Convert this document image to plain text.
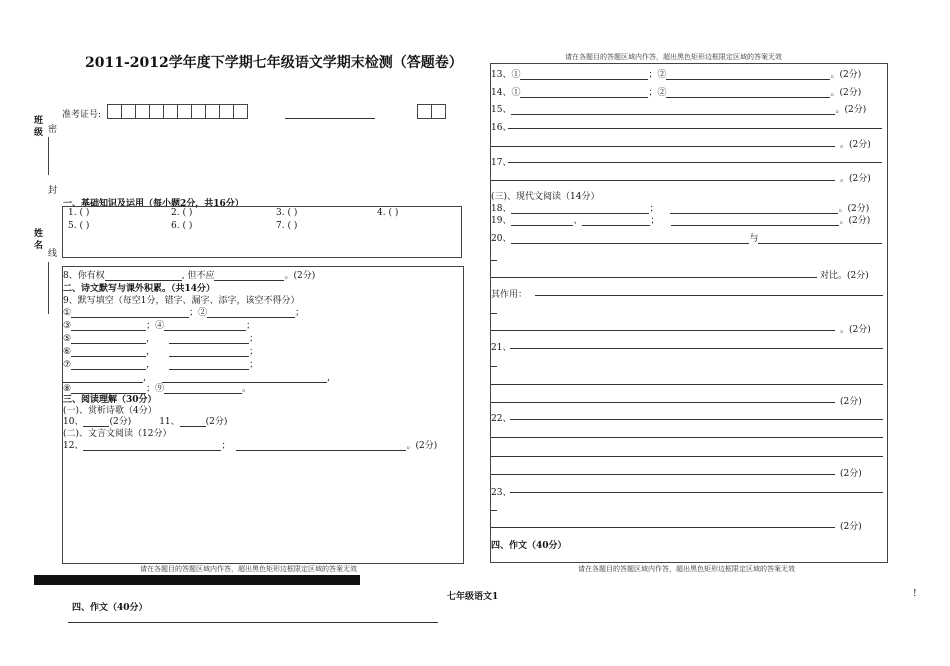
2011-2012学年度下学期七年级语文学期末检测（答题卷）
班
级 密
封
姓
名
线
准考证号:
一、基础知识及运用（每小题2分，共16分）
1. ( )	2. ( )	3. ( )	4. ( )
5. ( )	6. ( )	7. ( )
8、你有权	, 但不应	。(2分)
二、诗文默写与课外积累。（共14分）
9、默写填空（每空1分，错字、漏字、添字，该空不得分）
①	；②	；
③	；④	；
⑤	，	；
⑥	，	；
⑦	，	；
，	，
⑧	；⑨	。
三、阅读理解（30分）
(一)、赏析诗歌（4分）
10、	(2分)	11、	(2分)
(二)、文言文阅读（12分）
12、	；	。(2分)
请在各题目的答题区域内作答，超出黑色矩形边框限定区域的答案无效
请在各题目的答题区域内作答，超出黑色矩形边框限定区域的答案无效
13、①	；②	。(2分)
14、①	；②	。(2分)
15、	。(2分)
16、
。(2分)
17、
。(2分)
(三)、现代文阅读（14分）
18、	；	。(2分)
19、	、	；	。(2分)
20、	与
对比。(2分)
其作用：
。(2分)
21、
(2分)
22、
(2分)
23、
(2分)
四、作文（40分）
请在各题目的答题区域内作答，超出黑色矩形边框限定区域的答案无效
七年级语文1	!
四、作文（40分）
